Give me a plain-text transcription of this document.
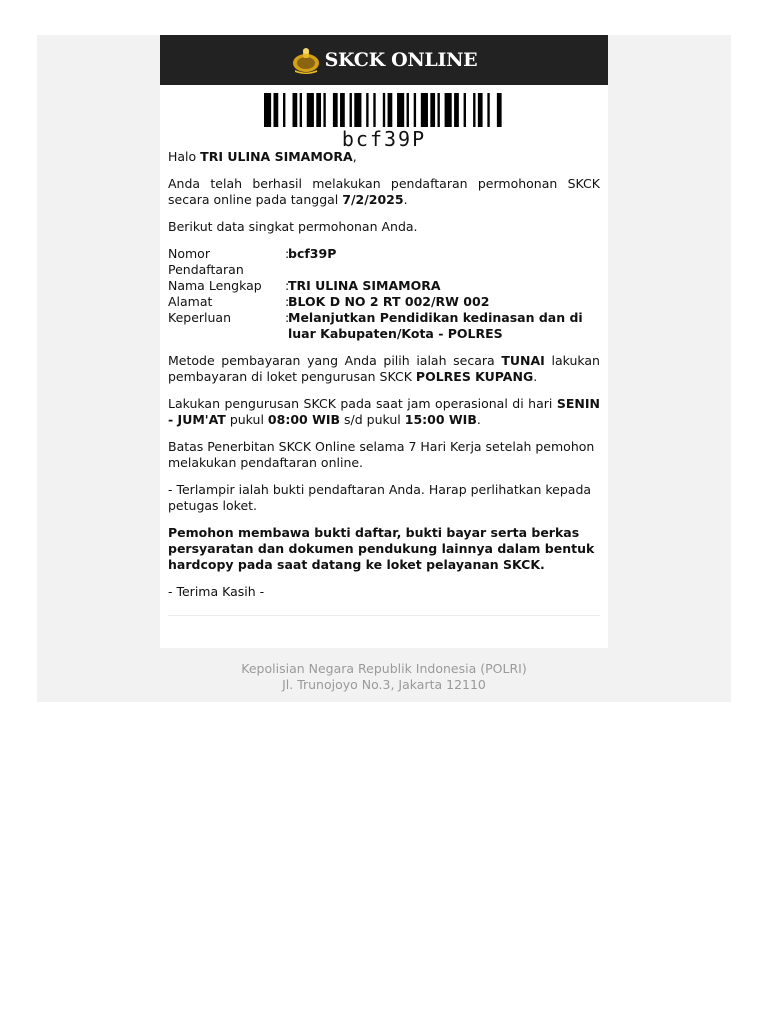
SKCK ONLINE
bcf39P

Halo TRI ULINA SIMAMORA,

Anda telah berhasil melakukan pendaftaran permohonan SKCK secara online pada tanggal 7/2/2025.

Berikut data singkat permohonan Anda.

Nomor Pendaftaran
:
bcf39P
Nama Lengkap	:
TRI ULINA SIMAMORA
Alamat	:
BLOK D NO 2 RT 002/RW 002
Keperluan	:
Melanjutkan Pendidikan kedinasan dan di luar Kabupaten/Kota - POLRES

Metode pembayaran yang Anda pilih ialah secara TUNAI lakukan pembayaran di loket pengurusan SKCK POLRES KUPANG.

Lakukan pengurusan SKCK pada saat jam operasional di hari SENIN - JUM'AT pukul 08:00 WIB s/d pukul 15:00 WIB.

Batas Penerbitan SKCK Online selama 7 Hari Kerja setelah pemohon melakukan pendaftaran online.

- Terlampir ialah bukti pendaftaran Anda. Harap perlihatkan kepada petugas loket.

Pemohon membawa bukti daftar, bukti bayar serta berkas persyaratan dan dokumen pendukung lainnya dalam bentuk hardcopy pada saat datang ke loket pelayanan SKCK.

- Terima Kasih -

Kepolisian Negara Republik Indonesia (POLRI)
Jl. Trunojoyo No.3, Jakarta 12110
